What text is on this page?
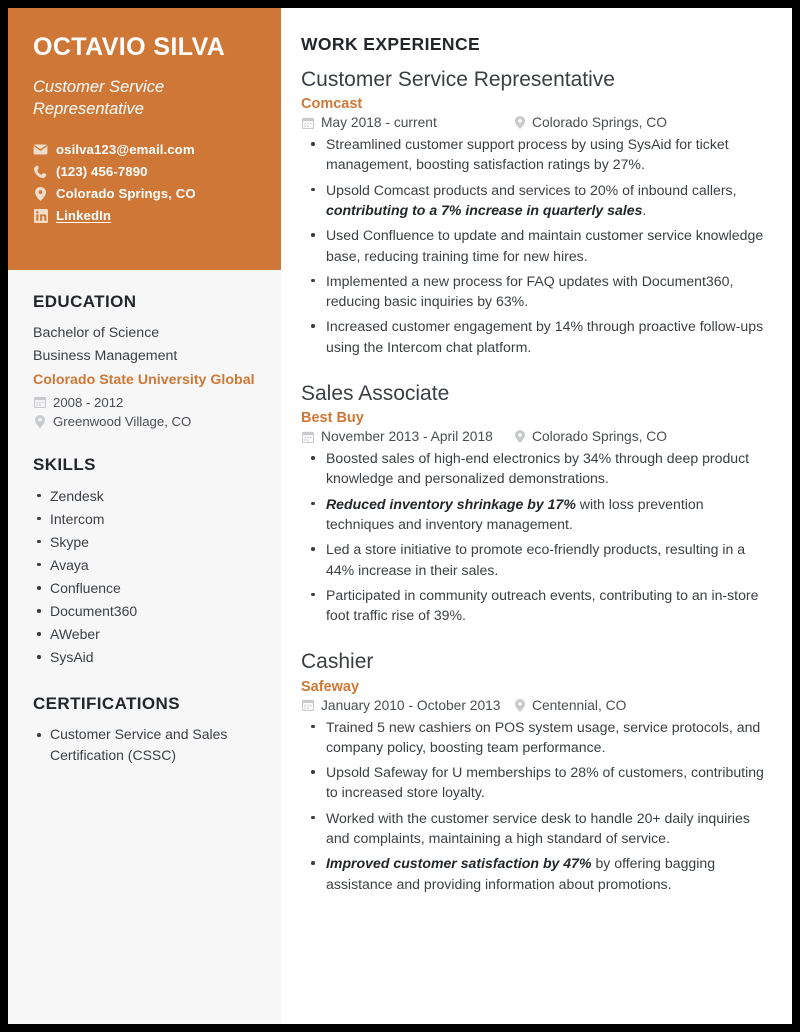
OCTAVIO SILVA
Customer Service Representative
osilva123@email.com
(123) 456-7890
Colorado Springs, CO
LinkedIn
EDUCATION
Bachelor of Science
Business Management
Colorado State University Global
2008 - 2012
Greenwood Village, CO
SKILLS
Zendesk
Intercom
Skype
Avaya
Confluence
Document360
AWeber
SysAid
CERTIFICATIONS
Customer Service and Sales Certification (CSSC)
WORK EXPERIENCE
Customer Service Representative
Comcast
May 2018 - current	Colorado Springs, CO
Streamlined customer support process by using SysAid for ticket management, boosting satisfaction ratings by 27%.
Upsold Comcast products and services to 20% of inbound callers, contributing to a 7% increase in quarterly sales.
Used Confluence to update and maintain customer service knowledge base, reducing training time for new hires.
Implemented a new process for FAQ updates with Document360, reducing basic inquiries by 63%.
Increased customer engagement by 14% through proactive follow-ups using the Intercom chat platform.
Sales Associate
Best Buy
November 2013 - April 2018	Colorado Springs, CO
Boosted sales of high-end electronics by 34% through deep product knowledge and personalized demonstrations.
Reduced inventory shrinkage by 17% with loss prevention techniques and inventory management.
Led a store initiative to promote eco-friendly products, resulting in a 44% increase in their sales.
Participated in community outreach events, contributing to an in-store foot traffic rise of 39%.
Cashier
Safeway
January 2010 - October 2013 Centennial, CO
Trained 5 new cashiers on POS system usage, service protocols, and company policy, boosting team performance.
Upsold Safeway for U memberships to 28% of customers, contributing to increased store loyalty.
Worked with the customer service desk to handle 20+ daily inquiries and complaints, maintaining a high standard of service.
Improved customer satisfaction by 47% by offering bagging assistance and providing information about promotions.
